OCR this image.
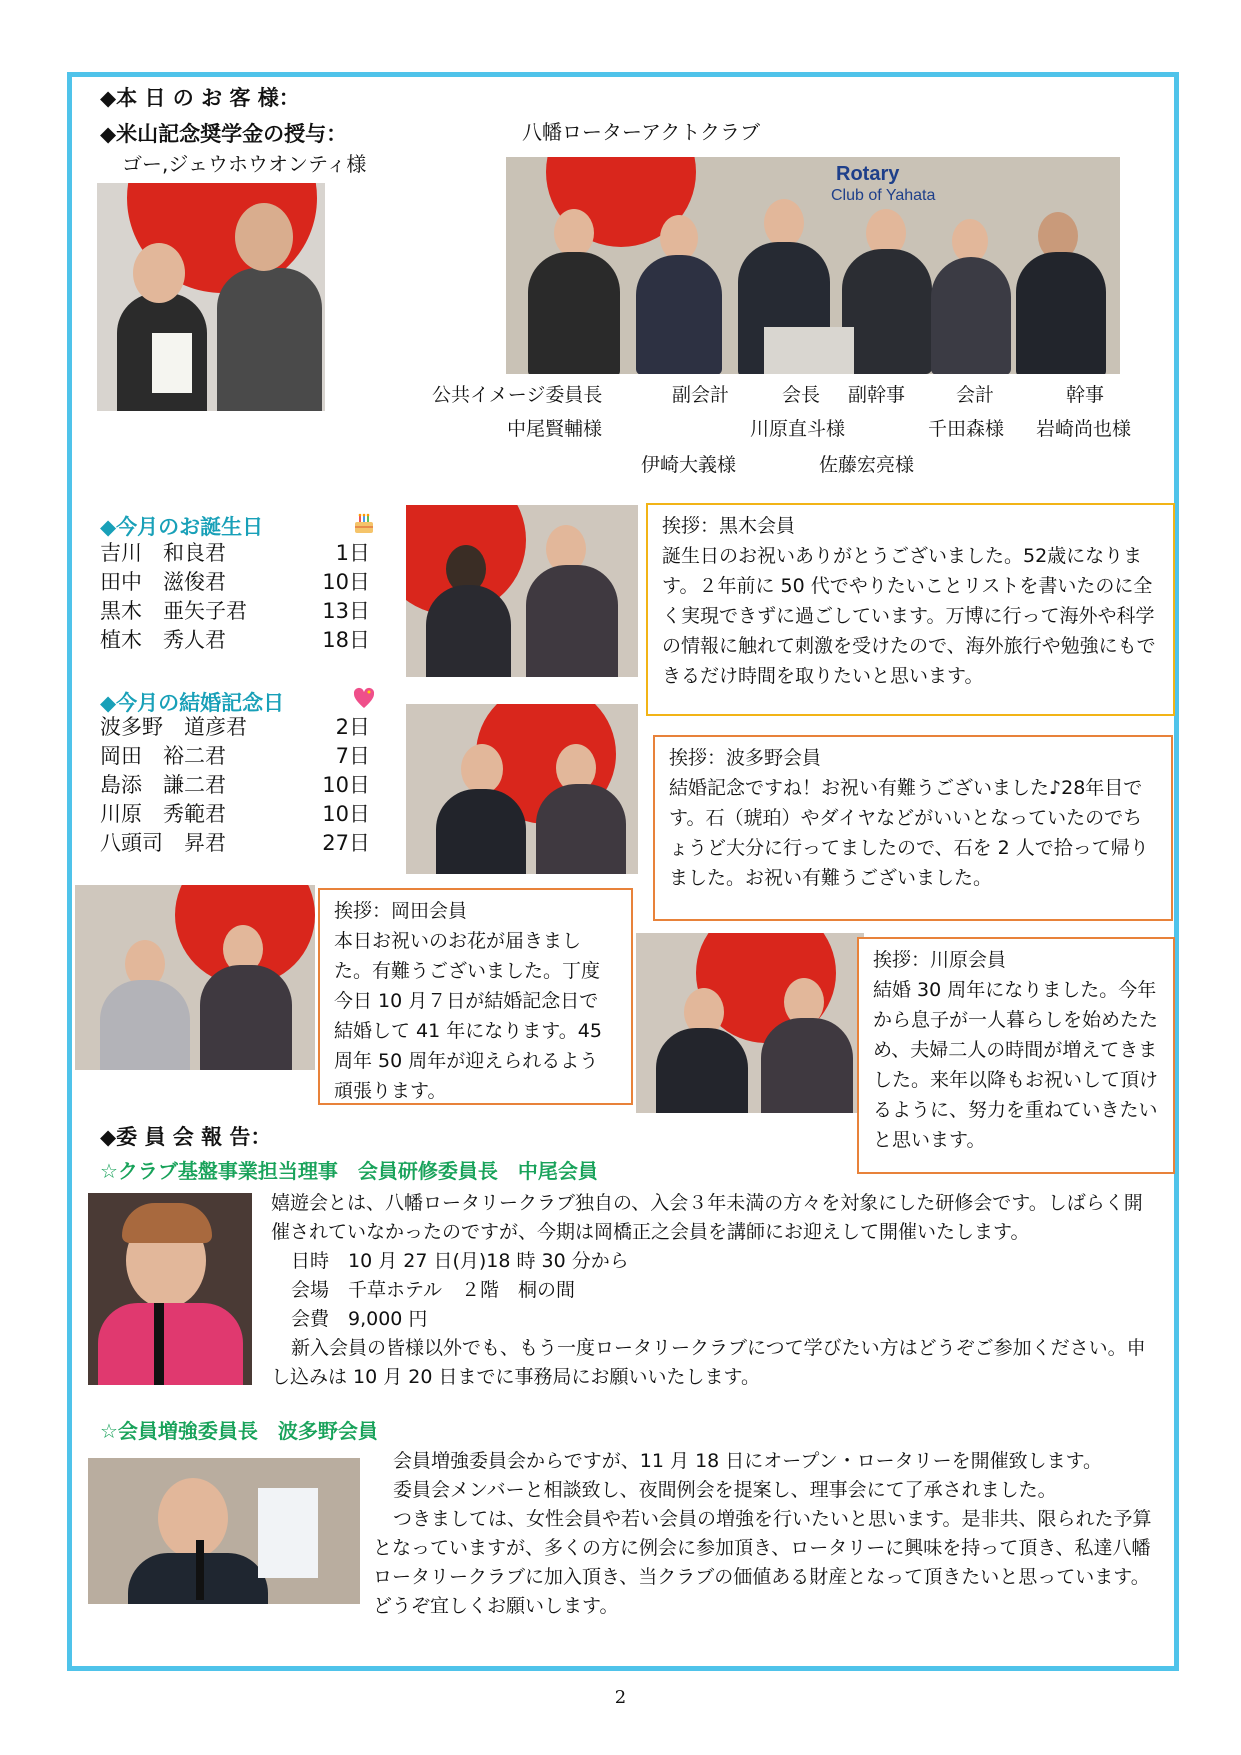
◆本 日 の お 客 様：
◆米山記念奨学金の授与：	八幡ローターアクトクラブ
ゴー,ジェウホウオンティ様	Rotary
Club of Yahata
公共イメージ委員長	副会計	会長 副幹事	会計	幹事
中尾賢輔様	川原直斗様	千田森様 岩崎尚也様
伊崎大義様	佐藤宏亮様
◆今月のお誕生日
吉川　和良君	1日
田中　滋俊君	10日
黒木　亜矢子君	13日
植木　秀人君	18日
◆今月の結婚記念日
波多野　道彦君	2日
岡田　裕二君	7日
島添　謙二君	10日
川原　秀範君	10日
八頭司　昇君	27日

挨拶：黒木会員

誕生日のお祝いありがとうございました。52歳になります。２年前に 50 代でやりたいことリストを書いたのに全く実現できずに過ごしています。万博に行って海外や科学の情報に触れて刺激を受けたので、海外旅行や勉強にもできるだけ時間を取りたいと思います。

挨拶：波多野会員

結婚記念ですね！お祝い有難うございました♪28年目です。石（琥珀）やダイヤなどがいいとなっていたのでちょうど大分に行ってましたので、石を 2 人で拾って帰りました。お祝い有難うございました。

挨拶：岡田会員

本日お祝いのお花が届きました。有難うございました。丁度今日 10 月７日が結婚記念日で結婚して 41 年になります。45 周年 50 周年が迎えられるよう頑張ります。

挨拶：川原会員

結婚 30 周年になりました。今年から息子が一人暮らしを始めたため、夫婦二人の時間が増えてきました。来年以降もお祝いして頂けるように、努力を重ねていきたいと思います。

◆委 員 会 報 告：
☆クラブ基盤事業担当理事　会員研修委員長　中尾会員

嬉遊会とは、八幡ロータリークラブ独自の、入会３年未満の方々を対象にした研修会です。しばらく開催されていなかったのですが、今期は岡橋正之会員を講師にお迎えして開催いたします。

日時　10 月 27 日(月)18 時 30 分から

会場　千草ホテル　２階　桐の間

会費　9,000 円

新入会員の皆様以外でも、もう一度ロータリークラブにつて学びたい方はどうぞご参加ください。申し込みは 10 月 20 日までに事務局にお願いいたします。

☆会員増強委員長　波多野会員

会員増強委員会からですが、11 月 18 日にオープン・ロータリーを開催致します。

委員会メンバーと相談致し、夜間例会を提案し、理事会にて了承されました。

つきましては、女性会員や若い会員の増強を行いたいと思います。是非共、限られた予算となっていますが、多くの方に例会に参加頂き、ロータリーに興味を持って頂き、私達八幡ロータリークラブに加入頂き、当クラブの価値ある財産となって頂きたいと思っています。どうぞ宜しくお願いします。

2
